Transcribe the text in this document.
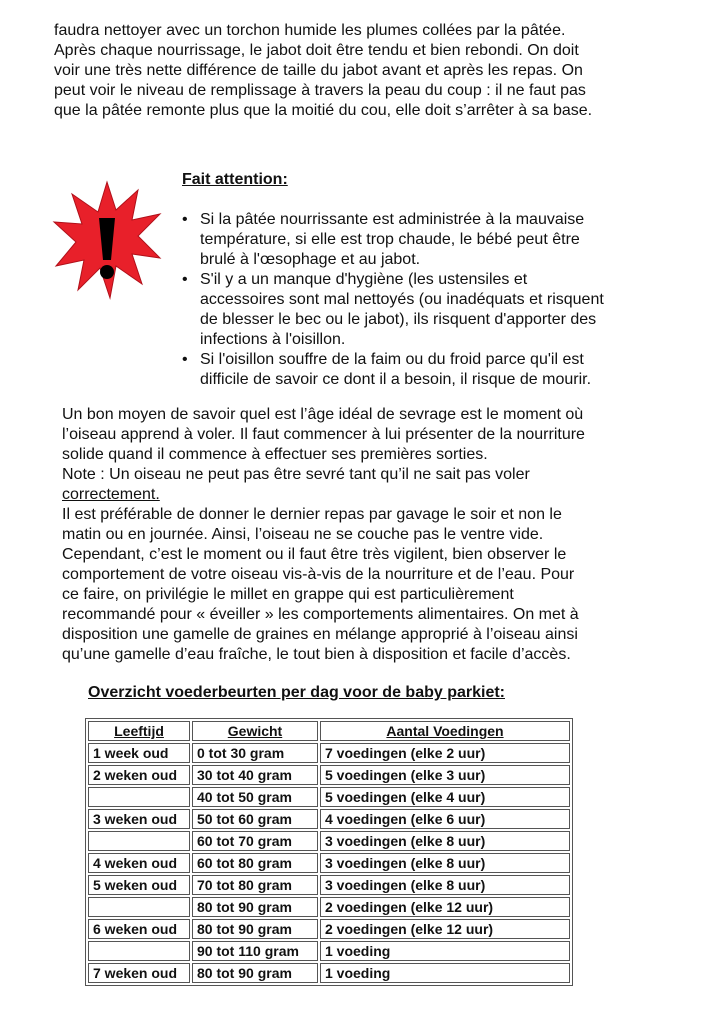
faudra nettoyer avec un torchon humide les plumes collées par la pâtée.
Après chaque nourrissage, le jabot doit être tendu et bien rebondi. On doit
voir une très nette différence de taille du jabot avant et après les repas. On
peut voir le niveau de remplissage à travers la peau du coup : il ne faut pas
que la pâtée remonte plus que la moitié du cou, elle doit s’arrêter à sa base.
Fait attention:
• Si la pâtée nourrissante est administrée à la mauvaise
température, si elle est trop chaude, le bébé peut être
brulé à l'œsophage et au jabot.
• S'il y a un manque d'hygiène (les ustensiles et
accessoires sont mal nettoyés (ou inadéquats et risquent
de blesser le bec ou le jabot), ils risquent d'apporter des
infections à l'oisillon.
• Si l'oisillon souffre de la faim ou du froid parce qu'il est
difficile de savoir ce dont il a besoin, il risque de mourir.
Un bon moyen de savoir quel est l’âge idéal de sevrage est le moment où
l’oiseau apprend à voler. Il faut commencer à lui présenter de la nourriture
solide quand il commence à effectuer ses premières sorties.
Note : Un oiseau ne peut pas être sevré tant qu’il ne sait pas voler
correctement.
Il est préférable de donner le dernier repas par gavage le soir et non le
matin ou en journée. Ainsi, l’oiseau ne se couche pas le ventre vide.
Cependant, c’est le moment ou il faut être très vigilent, bien observer le
comportement de votre oiseau vis-à-vis de la nourriture et de l’eau. Pour
ce faire, on privilégie le millet en grappe qui est particulièrement
recommandé pour « éveiller » les comportements alimentaires. On met à
disposition une gamelle de graines en mélange approprié à l’oiseau ainsi
qu’une gamelle d’eau fraîche, le tout bien à disposition et facile d’accès.
Overzicht voederbeurten per dag voor de baby parkiet:
Leeftijd	Gewicht	Aantal Voedingen
1 week oud	0 tot 30 gram	7 voedingen (elke 2 uur)
2 weken oud	30 tot 40 gram	5 voedingen (elke 3 uur)
	40 tot 50 gram	5 voedingen (elke 4 uur)
3 weken oud	50 tot 60 gram	4 voedingen (elke 6 uur)
	60 tot 70 gram	3 voedingen (elke 8 uur)
4 weken oud	60 tot 80 gram	3 voedingen (elke 8 uur)
5 weken oud	70 tot 80 gram	3 voedingen (elke 8 uur)
	80 tot 90 gram	2 voedingen (elke 12 uur)
6 weken oud	80 tot 90 gram	2 voedingen (elke 12 uur)
	90 tot 110 gram	1 voeding
7 weken oud	80 tot 90 gram	1 voeding
